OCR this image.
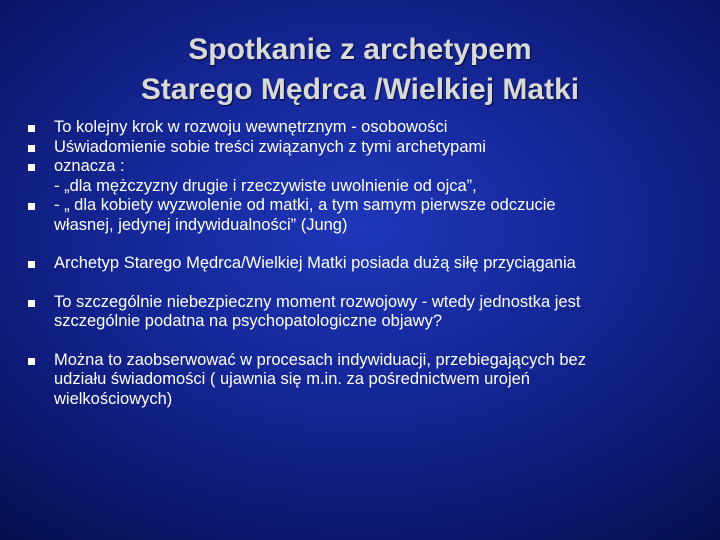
Spotkanie z archetypem
Starego Mędrca /Wielkiej Matki
To kolejny krok w rozwoju wewnętrznym - osobowości
Uświadomienie sobie treści związanych z tymi archetypami
oznacza :
- „dla mężczyzny drugie i rzeczywiste uwolnienie od ojca”,
- „ dla kobiety wyzwolenie od matki, a tym samym pierwsze odczucie
własnej, jedynej indywidualności” (Jung)
Archetyp Starego Mędrca/Wielkiej Matki posiada dużą siłę przyciągania
To szczególnie niebezpieczny moment rozwojowy - wtedy jednostka jest
szczególnie podatna na psychopatologiczne objawy?
Można to zaobserwować w procesach indywiduacji, przebiegających bez
udziału świadomości ( ujawnia się m.in. za pośrednictwem urojeń
wielkościowych)
